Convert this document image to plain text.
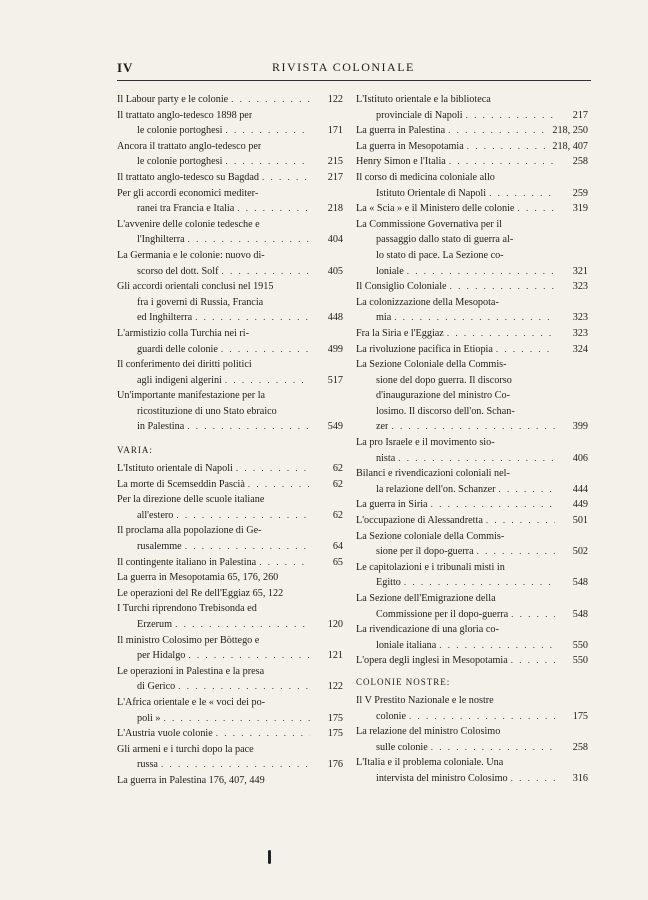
IV	RIVISTA COLONIALE
Il Labour party e le colonie . . .	122
Il trattato anglo-tedesco 1898 per
le colonie portoghesi . . .	171
Ancora il trattato anglo-tedesco per
le colonie portoghesi . . .	215
Il trattato anglo-tedesco su Bagdad . . .	217
Per gli accordi economici mediter-
ranei tra Francia e Italia . . .	218
L'avvenire delle colonie tedesche e
l'Inghilterra . . .	404
La Germania e le colonie: nuovo di-
scorso del dott. Solf . . .	405
Gli accordi orientali conclusi nel 1915
fra i governi di Russia, Francia
ed Inghilterra . . .	448
L'armistizio colla Turchia nei ri-
guardi delle colonie . . .	499
Il conferimento dei diritti politici
agli indigeni algerini . . .	517
Un'importante manifestazione per la
ricostituzione di uno Stato ebraico
in Palestina . . .	549
VARIA:
L'Istituto orientale di Napoli . . .	62
La morte di Scemseddin Pascià . . .	62
Per la direzione delle scuole italiane
all'estero . . .	62
Il proclama alla popolazione di Ge-
rusalemme . . .	64
Il contingente italiano in Palestina . . .	65
La guerra in Mesopotamia 65, 176, 260
Le operazioni del Re dell'Eggiaz 65, 122
I Turchi riprendono Trebisonda ed
Erzerum . . .	120
Il ministro Colosimo per Bòttego e
per Hidalgo . . .	121
Le operazioni in Palestina e la presa
di Gerico . . .	122
L'Africa orientale e le « voci dei po-
poli » . . .	175
L'Austria vuole colonie . . .	175
Gli armeni e i turchi dopo la pace
russa . . .	176
La guerra in Palestina 176, 407, 449
L'Istituto orientale e la biblioteca
provinciale di Napoli . . .	217
La guerra in Palestina . . .	218, 250
La guerra in Mesopotamia . . .	218, 407
Henry Simon e l'Italia . . .	258
Il corso di medicina coloniale allo
Istituto Orientale di Napoli . . .	259
La « Scia » e il Ministero delle colonie . . .	319
La Commissione Governativa per il
passaggio dallo stato di guerra al-
lo stato di pace. La Sezione co-
loniale . . .	321
Il Consiglio Coloniale . . .	323
La colonizzazione della Mesopota-
mia . . .	323
Fra la Siria e l'Eggiaz . . .	323
La rivoluzione pacifica in Etiopia . . .	324
La Sezione Coloniale della Commis-
sione del dopo guerra. Il discorso
d'inaugurazione del ministro Co-
losimo. Il discorso dell'on. Schan-
zer . . .	399
La pro Israele e il movimento sio-
nista . . .	406
Bilanci e rivendicazioni coloniali nel-
la relazione dell'on. Schanzer . . .	444
La guerra in Siria . . .	449
L'occupazione di Alessandretta . . .	501
La Sezione coloniale della Commis-
sione per il dopo-guerra . . .	502
Le capitolazioni e i tribunali misti in
Egitto . . .	548
La Sezione dell'Emigrazione della
Commissione per il dopo-guerra . . .	548
La rivendicazione di una gloria co-
loniale italiana . . .	550
L'opera degli inglesi in Mesopotamia . . .	550
COLONIE NOSTRE:
Il V Prestito Nazionale e le nostre
colonie . . .	175
La relazione del ministro Colosimo
sulle colonie . . .	258
L'Italia e il problema coloniale. Una
intervista del ministro Colosimo . . .	316
